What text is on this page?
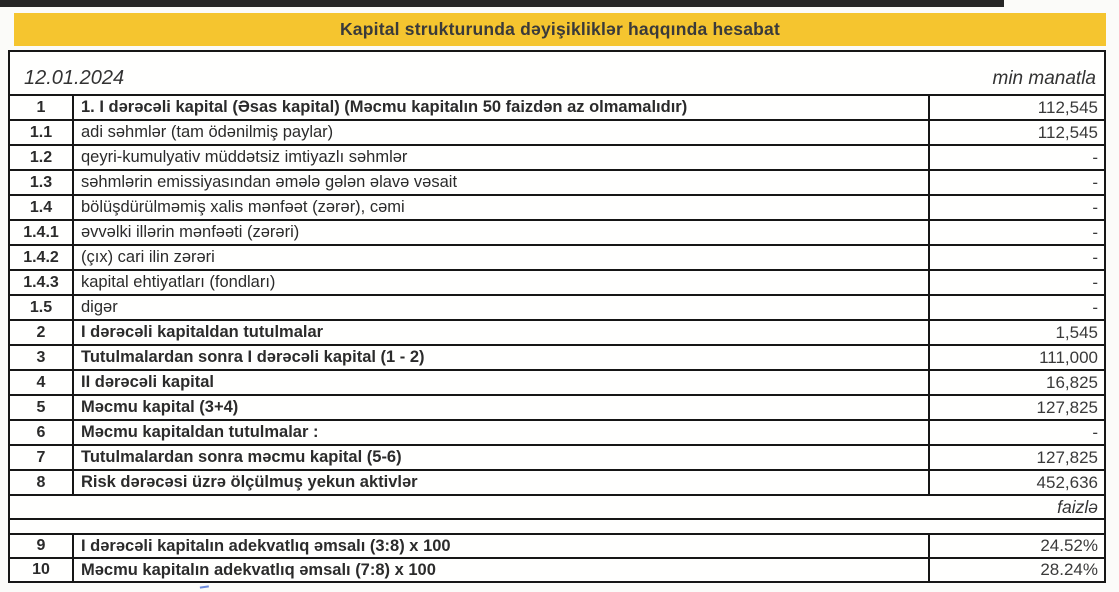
Kapital strukturunda dəyişikliklər haqqında hesabat
12.01.2024	min manatla
1	1. I dərəcəli kapital (Əsas kapital) (Məcmu kapitalın 50 faizdən az olmamalıdır)	112,545
1.1	adi səhmlər (tam ödənilmiş paylar)	112,545
1.2	qeyri-kumulyativ müddətsiz imtiyazlı səhmlər	-
1.3	səhmlərin emissiyasından əmələ gələn əlavə vəsait	-
1.4	bölüşdürülməmiş xalis mənfəət (zərər), cəmi	-
1.4.1	əvvəlki illərin mənfəəti (zərəri)	-
1.4.2	(çıx) cari ilin zərəri	-
1.4.3	kapital ehtiyatları (fondları)	-
1.5	digər	-
2	I dərəcəli kapitaldan tutulmalar	1,545
3	Tutulmalardan sonra I dərəcəli kapital (1 - 2)	111,000
4	II dərəcəli kapital	16,825
5	Məcmu kapital (3+4)	127,825
6	Məcmu kapitaldan tutulmalar :	-
7	Tutulmalardan sonra məcmu kapital (5-6)	127,825
8	Risk dərəcəsi üzrə ölçülmuş yekun aktivlər	452,636
faizlə
9	I dərəcəli kapitalın adekvatlıq əmsalı (3:8) x 100	24.52%
10	Məcmu kapitalın adekvatlıq əmsalı (7:8) x 100	28.24%
